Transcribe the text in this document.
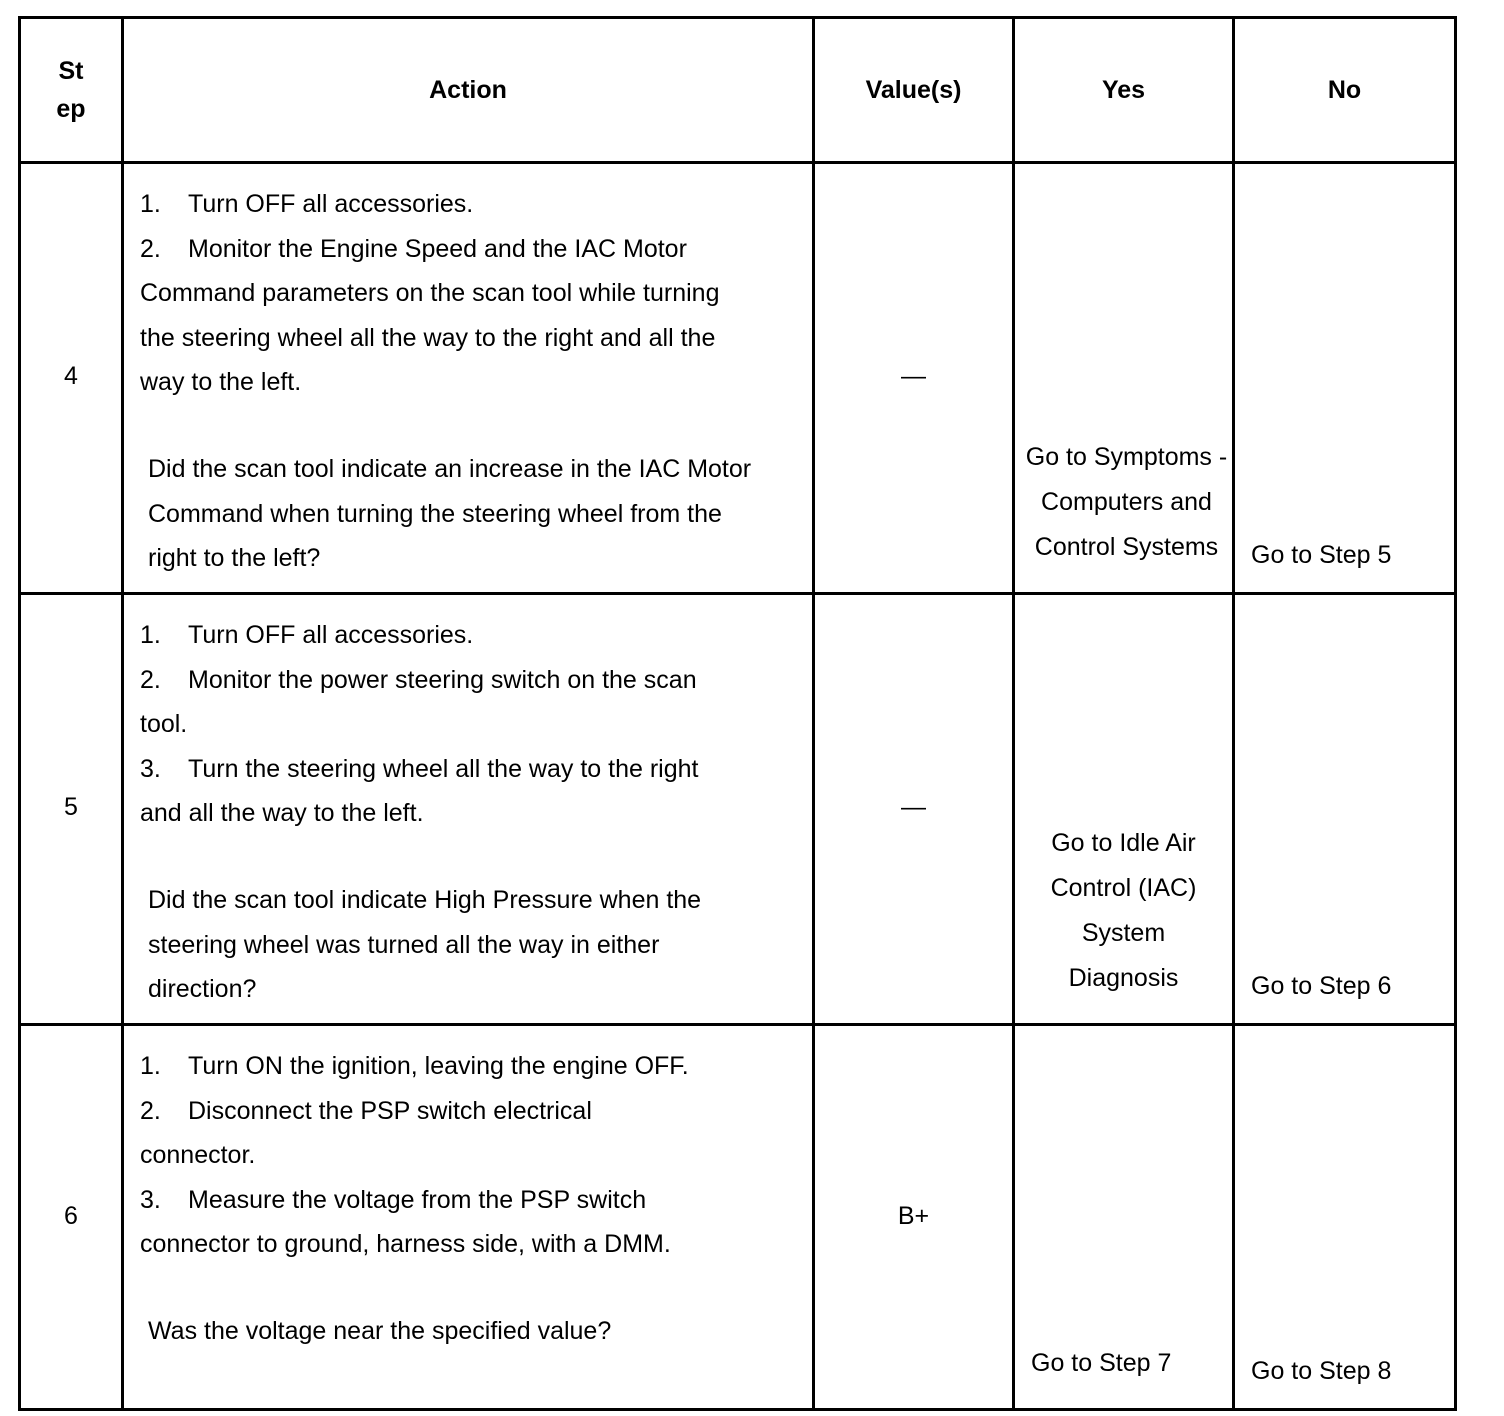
St ep	Action	Value(s)	Yes	No

4	1. Turn OFF all accessories.
2. Monitor the Engine Speed and the IAC Motor Command parameters on the scan tool while turning the steering wheel all the way to the right and all the way to the left.
Did the scan tool indicate an increase in the IAC Motor Command when turning the steering wheel from the right to the left?	—	Go to Symptoms - Computers and Control Systems	Go to Step 5

5	1. Turn OFF all accessories.
2. Monitor the power steering switch on the scan tool.
3. Turn the steering wheel all the way to the right and all the way to the left.
Did the scan tool indicate High Pressure when the steering wheel was turned all the way in either direction?	—	Go to Idle Air Control (IAC) System Diagnosis	Go to Step 6

6	1. Turn ON the ignition, leaving the engine OFF.
2. Disconnect the PSP switch electrical connector.
3. Measure the voltage from the PSP switch connector to ground, harness side, with a DMM.
Was the voltage near the specified value?	B+	Go to Step 7	Go to Step 8
